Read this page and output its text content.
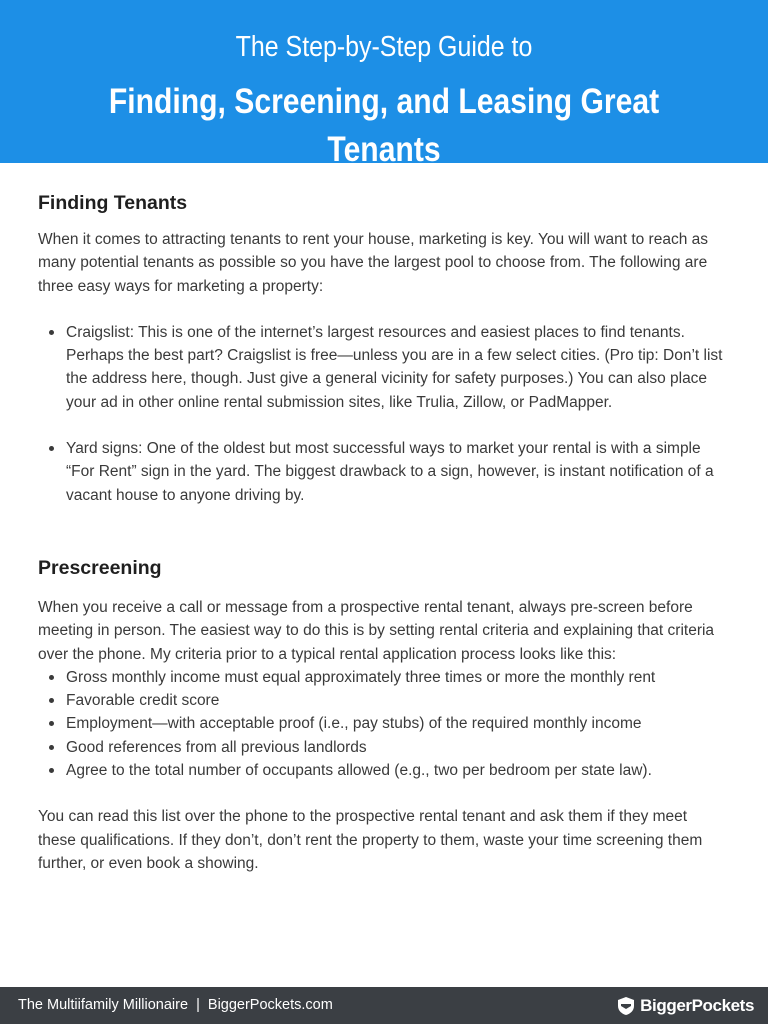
The Step-by-Step Guide to
Finding, Screening, and Leasing Great Tenants
Finding Tenants

When it comes to attracting tenants to rent your house, marketing is key. You will want to reach as many potential tenants as possible so you have the largest pool to choose from. The following are three easy ways for marketing a property:

Craigslist: This is one of the internet’s largest resources and easiest places to find tenants. Perhaps the best part? Craigslist is free—unless you are in a few select cities. (Pro tip: Don’t list the address here, though. Just give a general vicinity for safety purposes.) You can also place your ad in other online rental submission sites, like Trulia, Zillow, or PadMapper.
Yard signs: One of the oldest but most successful ways to market your rental is with a simple “For Rent” sign in the yard. The biggest drawback to a sign, however, is instant notification of a vacant house to anyone driving by.
Prescreening

When you receive a call or message from a prospective rental tenant, always pre-screen before meeting in person. The easiest way to do this is by setting rental criteria and explaining that criteria over the phone. My criteria prior to a typical rental application process looks like this:

Gross monthly income must equal approximately three times or more the monthly rent
Favorable credit score
Employment—with acceptable proof (i.e., pay stubs) of the required monthly income
Good references from all previous landlords
Agree to the total number of occupants allowed (e.g., two per bedroom per state law).

You can read this list over the phone to the prospective rental tenant and ask them if they meet these qualifications. If they don’t, don’t rent the property to them, waste your time screening them further, or even book a showing.

The Multiifamily Millionaire  |  BiggerPockets.com	BiggerPockets
